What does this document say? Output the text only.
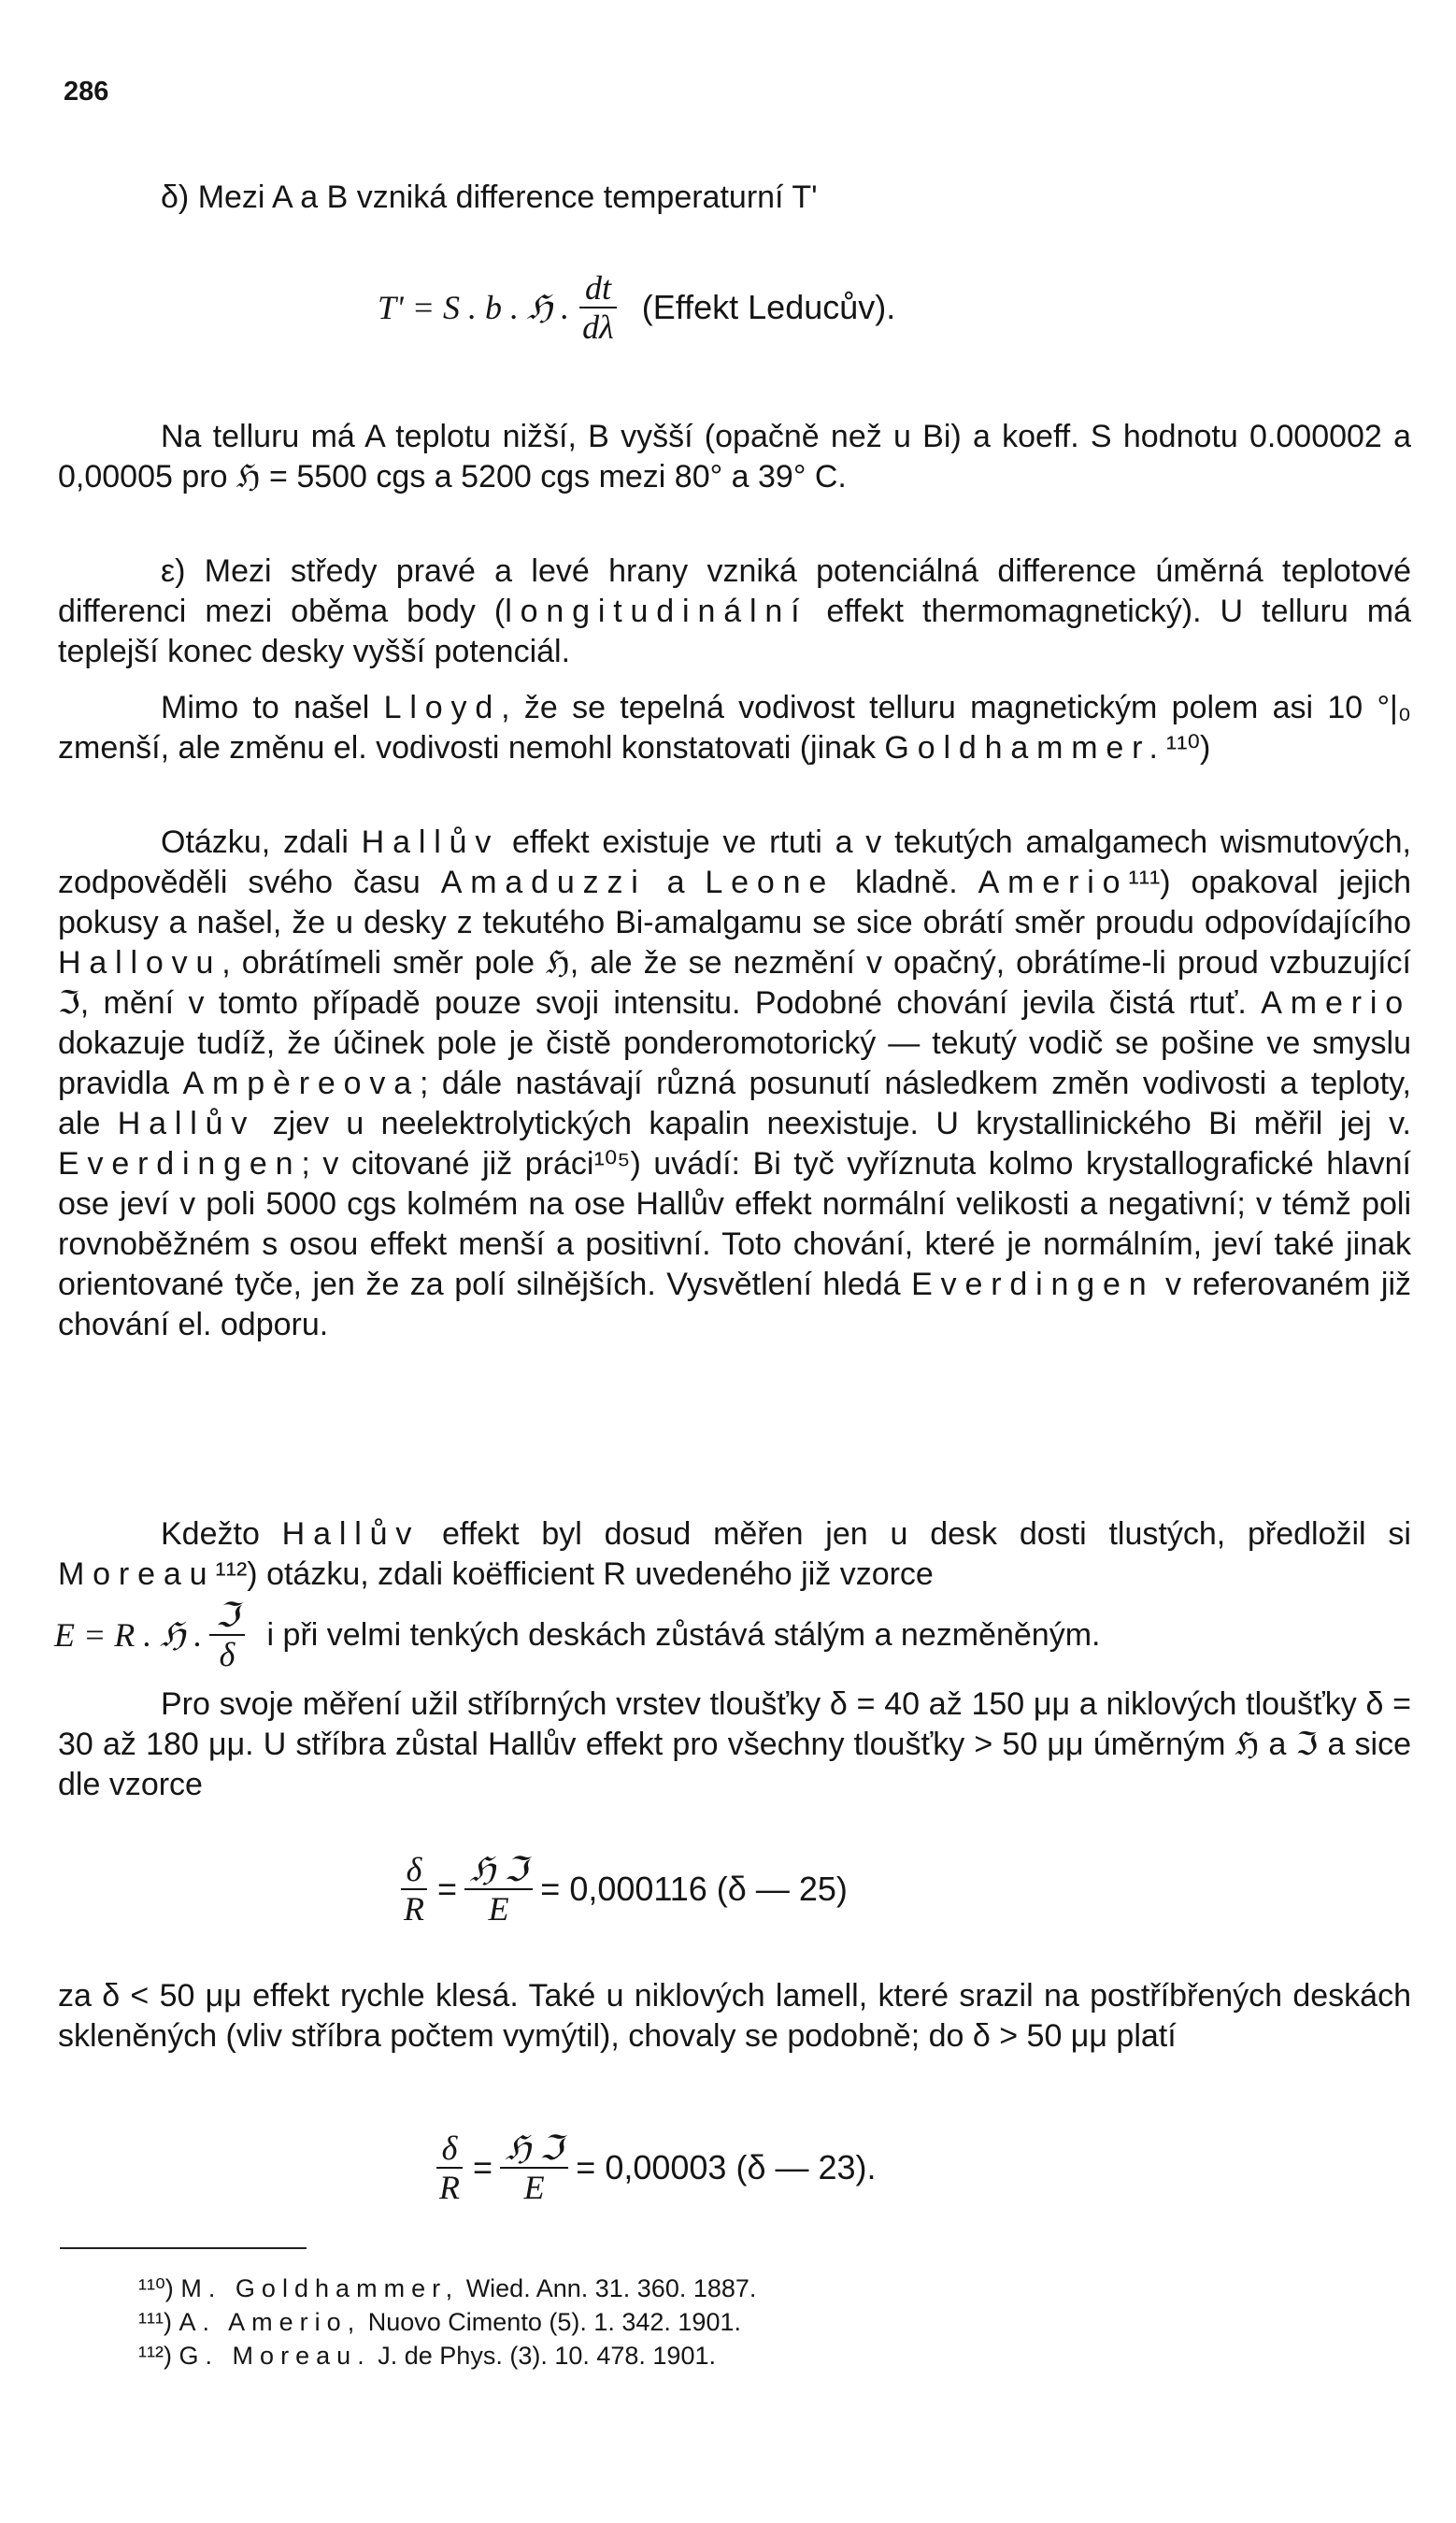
286

δ) Mezi A a B vzniká difference temperaturní T'

T' = S . b . ℌ . $\frac{dt}{d\lambda}$ (Effekt Leducův).

Na telluru má A teplotu nižší, B vyšší (opačně než u Bi) a koeff. S hodnotu 0.000002 a 0,00005 pro ℌ = 5500 cgs a 5200 cgs mezi 80° a 39° C.

ε) Mezi středy pravé a levé hrany vzniká potenciálná difference úměrná teplotové differenci mezi oběma body (longitudinální effekt thermomagnetický). U telluru má teplejší konec desky vyšší potenciál.

Mimo to našel Lloyd, že se tepelná vodivost telluru magnetickým polem asi 10 °|₀ zmenší, ale změnu el. vodivosti nemohl konstatovati (jinak Goldhammer.¹¹⁰)

Otázku, zdali Hallův effekt existuje ve rtuti a v tekutých amalgamech wismutových, zodpověděli svého času Amaduzzi a Leone kladně. Amerio¹¹¹) opakoval jejich pokusy a našel, že u desky z tekutého Bi-amalgamu se sice obrátí směr proudu odpovídajícího Hallovu, obrátímeli směr pole ℌ, ale že se nezmění v opačný, obrátíme-li proud vzbuzující ℑ, mění v tomto případě pouze svoji intensitu. Podobné chování jevila čistá rtuť. Amerio dokazuje tudíž, že účinek pole je čistě ponderomotorický — tekutý vodič se pošine ve smyslu pravidla Ampèreova; dále nastávají různá posunutí následkem změn vodivosti a teploty, ale Hallův zjev u neelektrolytických kapalin neexistuje. U krystallinického Bi měřil jej v. Everdingen; v citované již práci¹⁰⁵) uvádí: Bi tyč vyříznuta kolmo krystallografické hlavní ose jeví v poli 5000 cgs kolmém na ose Hallův effekt normální velikosti a negativní; v témž poli rovnoběžném s osou effekt menší a positivní. Toto chování, které je normálním, jeví také jinak orientované tyče, jen že za polí silnějších. Vysvětlení hledá Everdingen v referovaném již chování el. odporu.

Kdežto Hallův effekt byl dosud měřen jen u desk dosti tlustých, předložil si Moreau¹¹²) otázku, zdali koëfficient R uvedeného již vzorce

E = R . ℌ .
ℑ
δ
i při velmi tenkých deskách zůstává stálým a nezměněným.

Pro svoje měření užil stříbrných vrstev tloušťky δ = 40 až 150 μμ a niklových tloušťky δ = 30 až 180 μμ. U stříbra zůstal Hallův effekt pro všechny tloušťky > 50 μμ úměrným ℌ a ℑ a sice dle vzorce

$\frac{\delta}{R}$ = ℌ ℑ
E
= 0,000116 (δ — 25)

za δ < 50 μμ effekt rychle klesá. Také u niklových lamell, které srazil na postříbřených deskách skleněných (vliv stříbra počtem vymýtil), chovaly se podobně; do δ > 50 μμ platí

$\frac{\delta}{R}$ = ℌ ℑ
E
= 0,00003 (δ — 23).
¹¹⁰) M. Goldhammer, Wied. Ann. 31. 360. 1887.
¹¹¹) A. Amerio, Nuovo Cimento (5). 1. 342. 1901.
¹¹²) G. Moreau. J. de Phys. (3). 10. 478. 1901.
